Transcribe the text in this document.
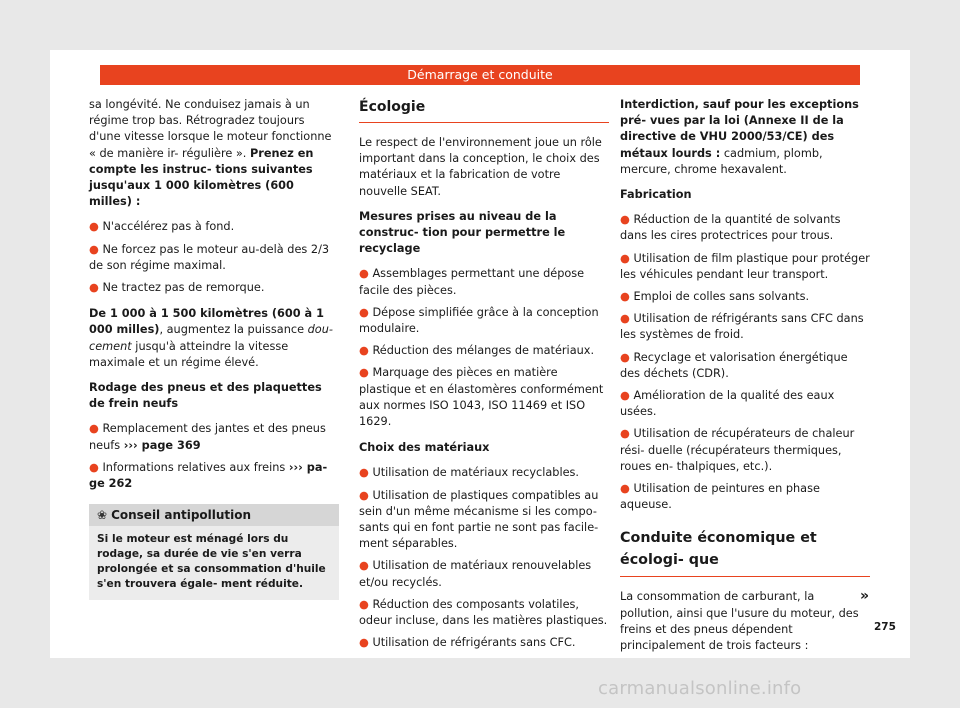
Démarrage et conduite

sa longévité. Ne conduisez jamais à un régime trop bas. Rétrogradez toujours d'une vitesse lorsque le moteur fonctionne « de manière ir- régulière ». Prenez en compte les instruc- tions suivantes jusqu'aux 1 000 kilomètres (600 milles) :

● N'accélérez pas à fond.
● Ne forcez pas le moteur au-delà des 2/3 de son régime maximal.
● Ne tractez pas de remorque.

De 1 000 à 1 500 kilomètres (600 à 1 000 milles), augmentez la puissance dou- cement jusqu'à atteindre la vitesse maximale et un régime élevé.

Rodage des pneus et des plaquettes de frein neufs

● Remplacement des jantes et des pneus neufs ››› page 369
● Informations relatives aux freins ››› pa- ge 262
❀ Conseil antipollution
Si le moteur est ménagé lors du rodage, sa durée de vie s'en verra prolongée et sa consommation d'huile s'en trouvera égale- ment réduite.
Écologie

Le respect de l'environnement joue un rôle important dans la conception, le choix des matériaux et la fabrication de votre nouvelle SEAT.

Mesures prises au niveau de la construc- tion pour permettre le recyclage

● Assemblages permettant une dépose facile des pièces.
● Dépose simplifiée grâce à la conception modulaire.
● Réduction des mélanges de matériaux.
● Marquage des pièces en matière plastique et en élastomères conformément aux normes ISO 1043, ISO 11469 et ISO 1629.

Choix des matériaux

● Utilisation de matériaux recyclables.
● Utilisation de plastiques compatibles au sein d'un même mécanisme si les compo- sants qui en font partie ne sont pas facile- ment séparables.
● Utilisation de matériaux renouvelables et/ou recyclés.
● Réduction des composants volatiles, odeur incluse, dans les matières plastiques.
● Utilisation de réfrigérants sans CFC.

Interdiction, sauf pour les exceptions pré- vues par la loi (Annexe II de la directive de VHU 2000/53/CE) des métaux lourds : cadmium, plomb, mercure, chrome hexavalent.

Fabrication

● Réduction de la quantité de solvants dans les cires protectrices pour trous.
● Utilisation de film plastique pour protéger les véhicules pendant leur transport.
● Emploi de colles sans solvants.
● Utilisation de réfrigérants sans CFC dans les systèmes de froid.
● Recyclage et valorisation énergétique des déchets (CDR).
● Amélioration de la qualité des eaux usées.
● Utilisation de récupérateurs de chaleur rési- duelle (récupérateurs thermiques, roues en- thalpiques, etc.).
● Utilisation de peintures en phase aqueuse.
Conduite économique et écologi- que

La consommation de carburant, la pollution, ainsi que l'usure du moteur, des freins et des pneus dépendent principalement de trois facteurs :

»
275
carmanualsonline.info
